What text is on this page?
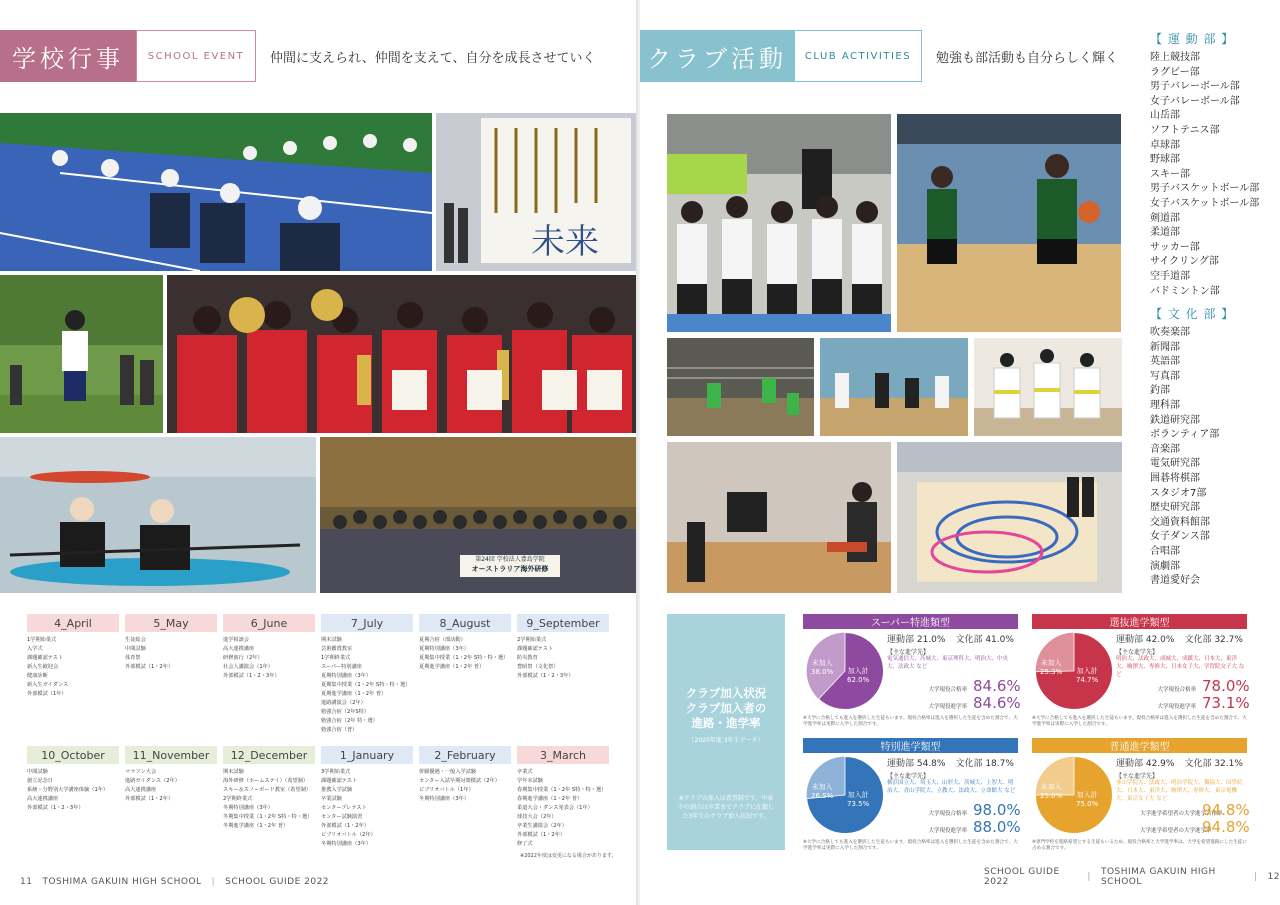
学校行事	SCHOOL EVENT	仲間に支えられ、仲間を支えて、自分を成長させていく
未来
第24回 学校法人豊島学院
オーストラリア海外研修
4_April
1学期始業式
入学式
課題確認テスト
新入生歓迎会
健康診断
新入生ガイダンス
外部模試（1年）
5_May
生徒総会
中間試験
体育祭
外部模試（1・2年）
6_June
進学相談会
高大連携講座
研修旅行（2年）
社会人講演会（1年）
外部模試（1・2・3年）
7_July
期末試験
芸術鑑賞教室
1学期終業式
スーパー特別講座
夏期特別講座（3年）
夏期集中授業（1・2年 S特・特・選）
夏期進学講座（1・2年 普）
進路講演会（2年）
勉強合宿（2年S特）
勉強合宿（2年 特・選）
勉強合宿（普）
8_August
夏期合宿（部活動）
夏期特別講座（3年）
夏期集中授業（1・2年 S特・特・選）
夏期進学講座（1・2年 普）
9_September
2学期始業式
課題確認テスト
防災教育
豊昭祭（文化祭）
外部模試（1・2・3年）
10_October
中間試験
創立記念日
系統・分野別大学講座体験（1年）
高大連携講座
外部模試（1・2・3年）
11_November
マラソン大会
進路ガイダンス（2年）
高大連携講座
外部模試（1・2年）
12_December
期末試験
海外研修（ホームステイ）（希望制）
スキー＆スノーボード教室（希望制）
2学期終業式
冬期特別講座（3年）
冬期集中授業（1・2年 S特・特・選）
冬期進学講座（1・2年 普）
1_January
3学期始業式
課題確認テスト
推薦入学試験
卒業試験
センタープレテスト
センター試験演習
外部模試（1・2年）
ビブリオバトル（2年）
冬期特別講座（3年）
2_February
併願優遇・一般入学試験
センター入試早期対策模試（2年）
ビブリオバトル（1年）
冬期特別講座（3年）
3_March
卒業式
学年末試験
春期集中授業（1・2年 S特・特・選）
春期進学講座（1・2年 普）
柔道大会・ダンス発表会（1年）
球技大会（2年）
卒業生講演会（2年）
外部模試（1・2年）
修了式
※2022年度は変更になる場合があります。
11 TOSHIMA GAKUIN HIGH SCHOOL | SCHOOL GUIDE 2022
クラブ活動	CLUB ACTIVITIES	勉強も部活動も自分らしく輝く
【 運 動 部 】
陸上競技部
ラグビー部
男子バレーボール部
女子バレーボール部
山岳部
ソフトテニス部
卓球部
野球部
スキー部
男子バスケットボール部
女子バスケットボール部
剣道部
柔道部
サッカー部
サイクリング部
空手道部
バドミントン部
【 文 化 部 】
吹奏楽部
新聞部
英語部
写真部
釣部
理科部
鉄道研究部
ボランティア部
音楽部
電気研究部
囲碁将棋部
スタジオ7部
歴史研究部
交通資料館部
女子ダンス部
合唱部
演劇部
書道愛好会
クラブ加入状況
クラブ加入者の
進路・進学率
（2020年度 3年生データ）
※クラブの加入は希望制です。中表中の割合は卒業までクラブに在籍した3年生のクラブ加入状況です。
スーパー特進類型
加入計
62.0%
未加入
38.0%
運動部 21.0% 文化部 41.0%
【主な進学先】
電気通信大、茨城大、東京理科大、明治大、中央大、法政大 など
大学現役合格率 84.6%
大学現役進学率 84.6%
※大学に合格しても進入を選択した生徒もいます。現役合格率は進入を選択した生徒を含めた割合で、大学進学率は実際に入学した割合です。
選抜進学類型
加入計
74.7%
未加入
25.3%
運動部 42.0% 文化部 32.7%
【主な進学先】
明治大、法政大、成城大、成蹊大、日本大、東洋大、駒澤大、専修大、日本女子大、学習院女子大 など
大学現役合格率 78.0%
大学現役進学率 73.1%
※大学に合格しても進入を選択した生徒もいます。現役合格率は進入を選択した生徒を含めた割合で、大学進学率は実際に入学した割合です。
特別進学類型
加入計
73.5%
未加入
26.5%
運動部 54.8% 文化部 18.7%
【主な進学先】
横浜国立大、埼玉大、山形大、茨城大、上智大、明治大、青山学院大、立教大、法政大、立命館大 など
大学現役合格率 98.0%
大学現役進学率 88.0%
※大学に合格しても進入を選択した生徒もいます。現役合格率は進入を選択した生徒を含めた割合で、大学進学率は実際に入学した割合です。
普通進学類型
加入計
75.0%
未加入
25.0%
運動部 42.9% 文化部 32.1%
【主な進学先】
亜山学院大、法政大、明治学院大、獨協大、国學院大、日本大、東洋大、駒澤大、専修大、東京電機大、東京女子大 など
大学進学希望者の大学進学合格率
94.8%
大学進学希望者の大学進学率
94.8%
※専門学校を進路希望とする生徒もいるため、現役合格率と大学進学率は、大学を希望進路にした生徒に占める割合です。
SCHOOL GUIDE 2022	| TOSHIMA GAKUIN HIGH SCHOOL	| 12
